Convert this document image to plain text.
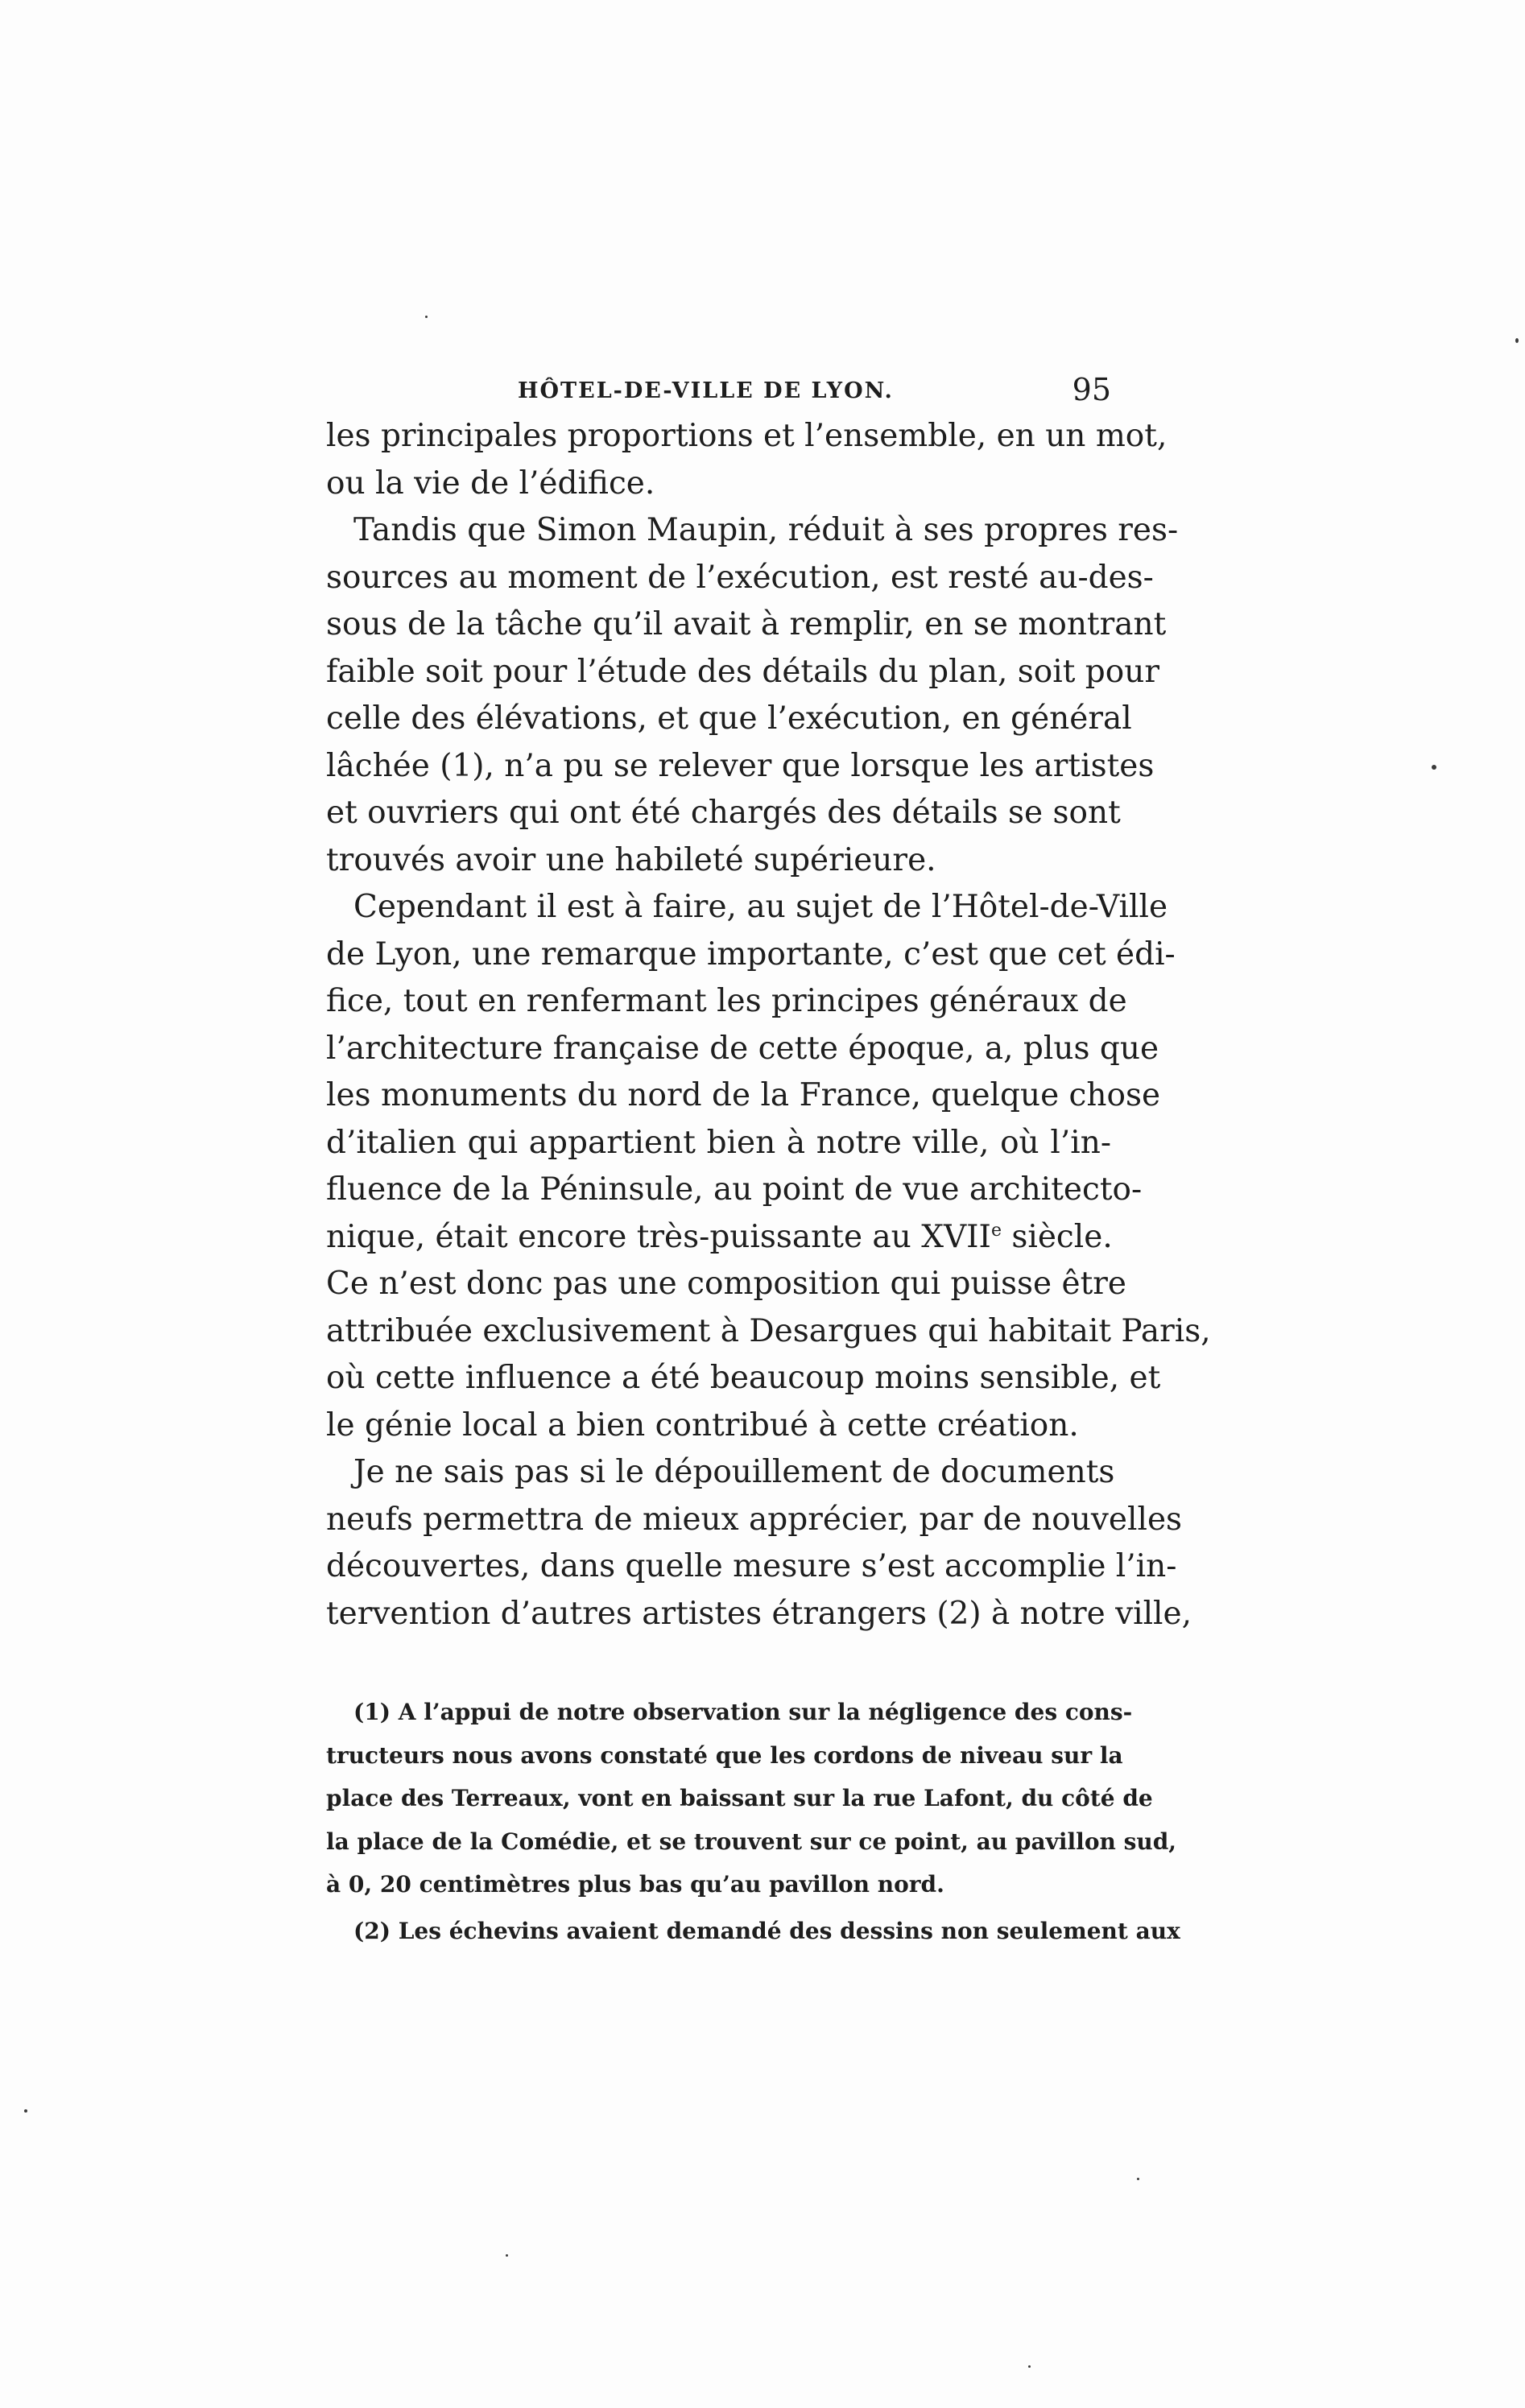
HÔTEL-DE-VILLE DE LYON.	95
les principales proportions et l’ensemble, en un mot,
ou la vie de l’édifice.
Tandis que Simon Maupin, réduit à ses propres res-
sources au moment de l’exécution, est resté au-des-
sous de la tâche qu’il avait à remplir, en se montrant
faible soit pour l’étude des détails du plan, soit pour
celle des élévations, et que l’exécution, en général
lâchée (1), n’a pu se relever que lorsque les artistes
et ouvriers qui ont été chargés des détails se sont
trouvés avoir une habileté supérieure.
Cependant il est à faire, au sujet de l’Hôtel-de-Ville
de Lyon, une remarque importante, c’est que cet édi-
fice, tout en renfermant les principes généraux de
l’architecture française de cette époque, a, plus que
les monuments du nord de la France, quelque chose
d’italien qui appartient bien à notre ville, où l’in-
fluence de la Péninsule, au point de vue architecto-
nique, était encore très-puissante au XVIIe siècle.
Ce n’est donc pas une composition qui puisse être
attribuée exclusivement à Desargues qui habitait Paris,
où cette influence a été beaucoup moins sensible, et
le génie local a bien contribué à cette création.
Je ne sais pas si le dépouillement de documents
neufs permettra de mieux apprécier, par de nouvelles
découvertes, dans quelle mesure s’est accomplie l’in-
tervention d’autres artistes étrangers (2) à notre ville,
(1) A l’appui de notre observation sur la négligence des cons-
tructeurs nous avons constaté que les cordons de niveau sur la
place des Terreaux, vont en baissant sur la rue Lafont, du côté de
la place de la Comédie, et se trouvent sur ce point, au pavillon sud,
à 0, 20 centimètres plus bas qu’au pavillon nord.
(2) Les échevins avaient demandé des dessins non seulement aux
